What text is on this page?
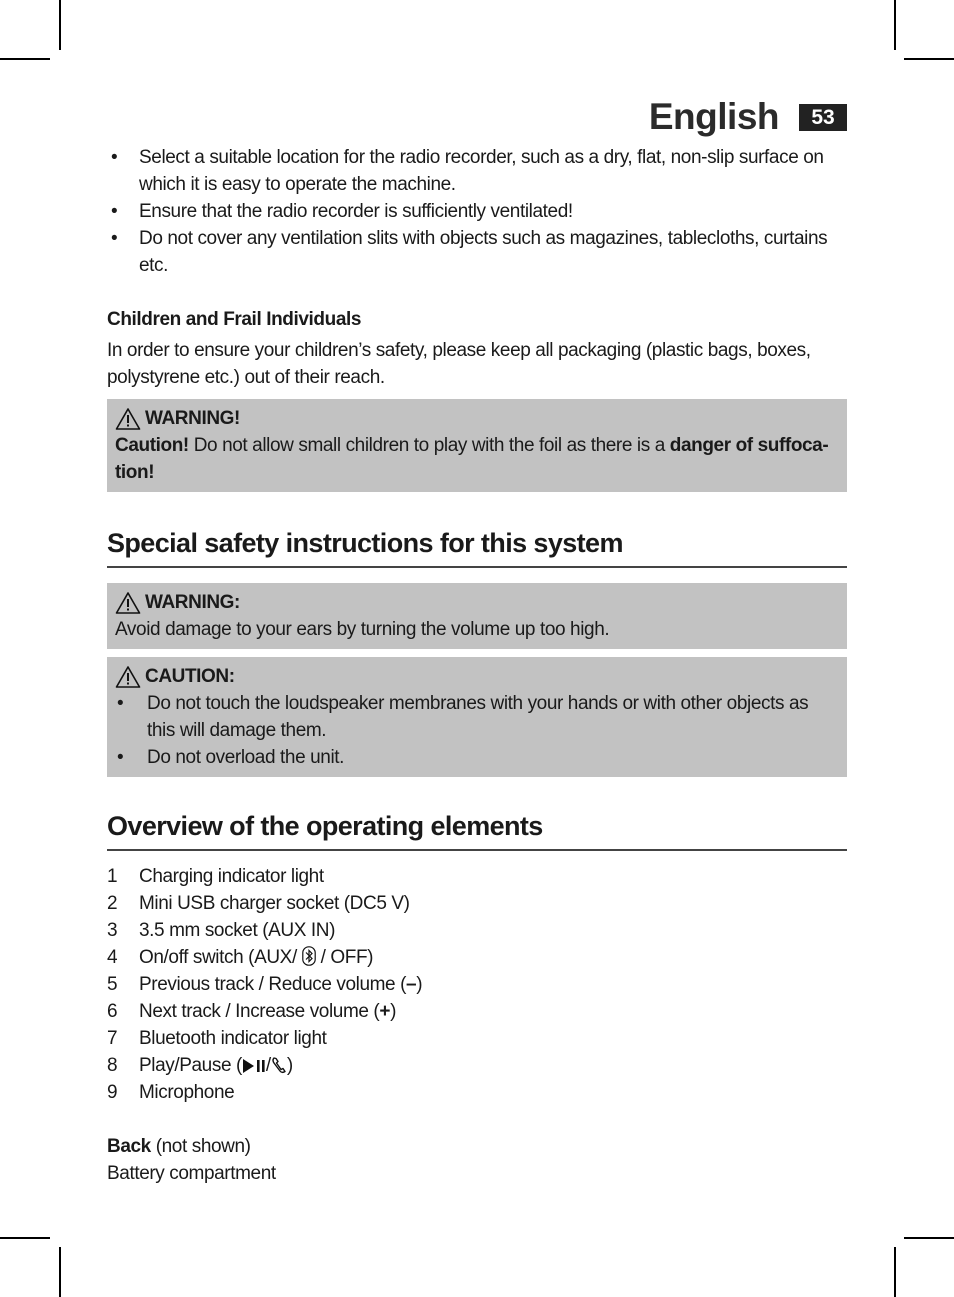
English	53
• Select a suitable location for the radio recorder, such as a dry, flat, non-slip surface on which it is easy to operate the machine.
• Ensure that the radio recorder is sufficiently ventilated!
• Do not cover any ventilation slits with objects such as magazines, tablecloths, curtains etc.
Children and Frail Individuals
In order to ensure your children’s safety, please keep all packaging (plastic bags, boxes, polystyrene etc.) out of their reach.
WARNING!
Caution! Do not allow small children to play with the foil as there is a danger of suffoca-tion!
Special safety instructions for this system
WARNING:
Avoid damage to your ears by turning the volume up too high.
CAUTION:
• Do not touch the loudspeaker membranes with your hands or with other objects as this will damage them.
• Do not overload the unit.
Overview of the operating elements
1	Charging indicator light
2	Mini USB charger socket (DC5 V)
3	3.5 mm socket (AUX IN)
4	On/off switch (AUX/  / OFF)
5	Previous track / Reduce volume (–)
6	Next track / Increase volume (+)
7	Bluetooth indicator light
8	Play/Pause ( / )
9	Microphone
Back (not shown)
Battery compartment
